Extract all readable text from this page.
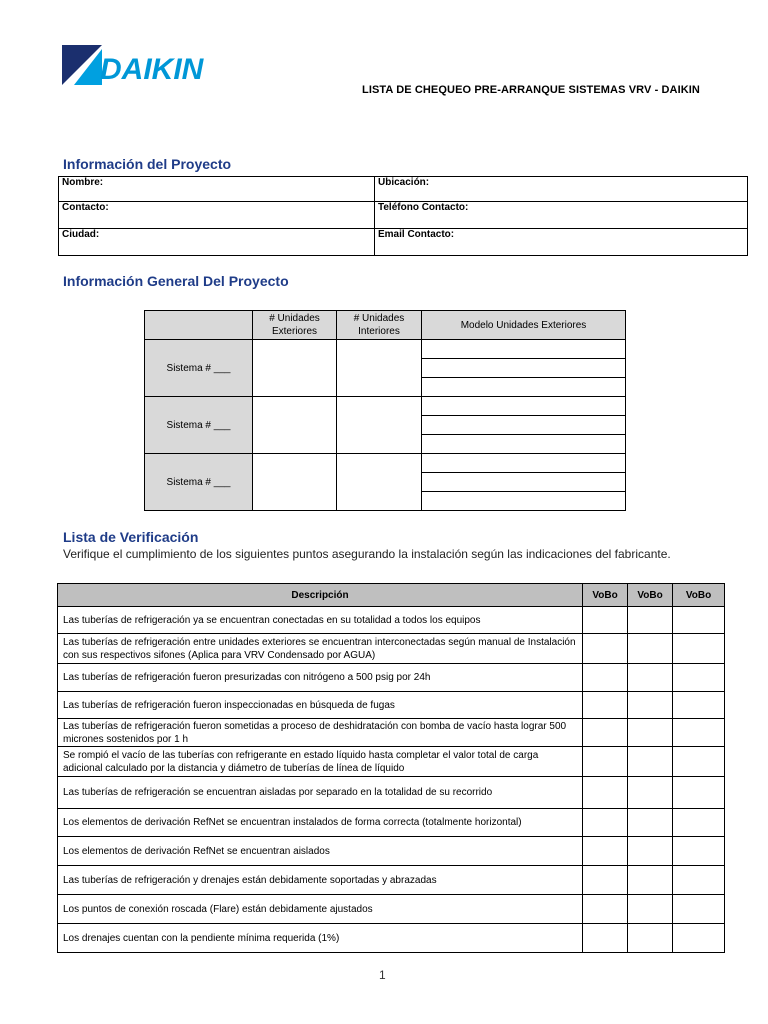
DAIKIN
LISTA DE CHEQUEO PRE-ARRANQUE SISTEMAS VRV - DAIKIN
Información del Proyecto
Nombre:	Ubicación:
Contacto:	Teléfono Contacto:
Ciudad:	Email Contacto:
Información General Del Proyecto
	# Unidades Exteriores	# Unidades Interiores	Modelo Unidades Exteriores
Sistema # ___			

Sistema # ___			

Sistema # ___			

Lista de Verificación
Verifique el cumplimiento de los siguientes puntos asegurando la instalación según las indicaciones del fabricante.
Descripción	VoBo	VoBo	VoBo
Las tuberías de refrigeración ya se encuentran conectadas en su totalidad a todos los equipos			
Las tuberías de refrigeración entre unidades exteriores se encuentran interconectadas según manual de Instalación con sus respectivos sifones (Aplica para VRV Condensado por AGUA)			
Las tuberías de refrigeración fueron presurizadas con nitrógeno a 500 psig por 24h			
Las tuberías de refrigeración fueron inspeccionadas en búsqueda de fugas			
Las tuberías de refrigeración fueron sometidas a proceso de deshidratación con bomba de vacío hasta lograr 500 micrones sostenidos por 1 h			
Se rompió el vacío de las tuberías con refrigerante en estado líquido hasta completar el valor total de carga adicional calculado por la distancia y diámetro de tuberías de línea de líquido			
Las tuberías de refrigeración se encuentran aisladas por separado en la totalidad de su recorrido			
Los elementos de derivación RefNet se encuentran instalados de forma correcta (totalmente horizontal)			
Los elementos de derivación RefNet se encuentran aislados			
Las tuberías de refrigeración y drenajes están debidamente soportadas y abrazadas			
Los puntos de conexión roscada (Flare) están debidamente ajustados			
Los drenajes cuentan con la pendiente mínima requerida (1%)			
1
